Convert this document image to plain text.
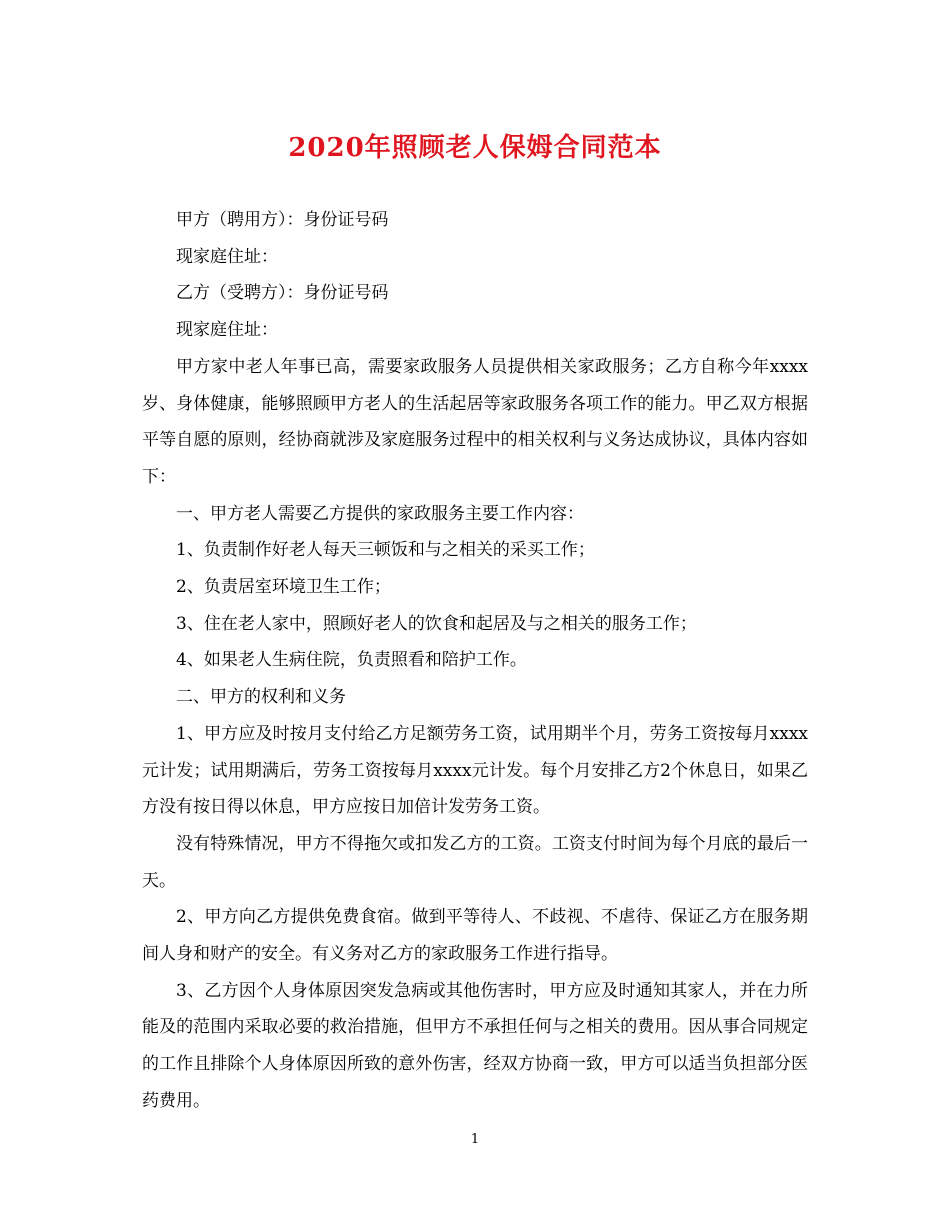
2020年照顾老人保姆合同范本

甲方（聘用方）：身份证号码

现家庭住址：

乙方（受聘方）：身份证号码

现家庭住址：

甲方家中老人年事已高，需要家政服务人员提供相关家政服务；乙方自称今年xxxx岁、身体健康，能够照顾甲方老人的生活起居等家政服务各项工作的能力。甲乙双方根据平等自愿的原则，经协商就涉及家庭服务过程中的相关权利与义务达成协议，具体内容如下：

一、甲方老人需要乙方提供的家政服务主要工作内容：

1、负责制作好老人每天三顿饭和与之相关的采买工作；

2、负责居室环境卫生工作；

3、住在老人家中，照顾好老人的饮食和起居及与之相关的服务工作；

4、如果老人生病住院，负责照看和陪护工作。

二、甲方的权利和义务

1、甲方应及时按月支付给乙方足额劳务工资，试用期半个月，劳务工资按每月xxxx元计发；试用期满后，劳务工资按每月xxxx元计发。每个月安排乙方2个休息日，如果乙方没有按日得以休息，甲方应按日加倍计发劳务工资。

没有特殊情况，甲方不得拖欠或扣发乙方的工资。工资支付时间为每个月底的最后一天。

2、甲方向乙方提供免费食宿。做到平等待人、不歧视、不虐待、保证乙方在服务期间人身和财产的安全。有义务对乙方的家政服务工作进行指导。

3、乙方因个人身体原因突发急病或其他伤害时，甲方应及时通知其家人，并在力所能及的范围内采取必要的救治措施，但甲方不承担任何与之相关的费用。因从事合同规定的工作且排除个人身体原因所致的意外伤害，经双方协商一致，甲方可以适当负担部分医药费用。

1
